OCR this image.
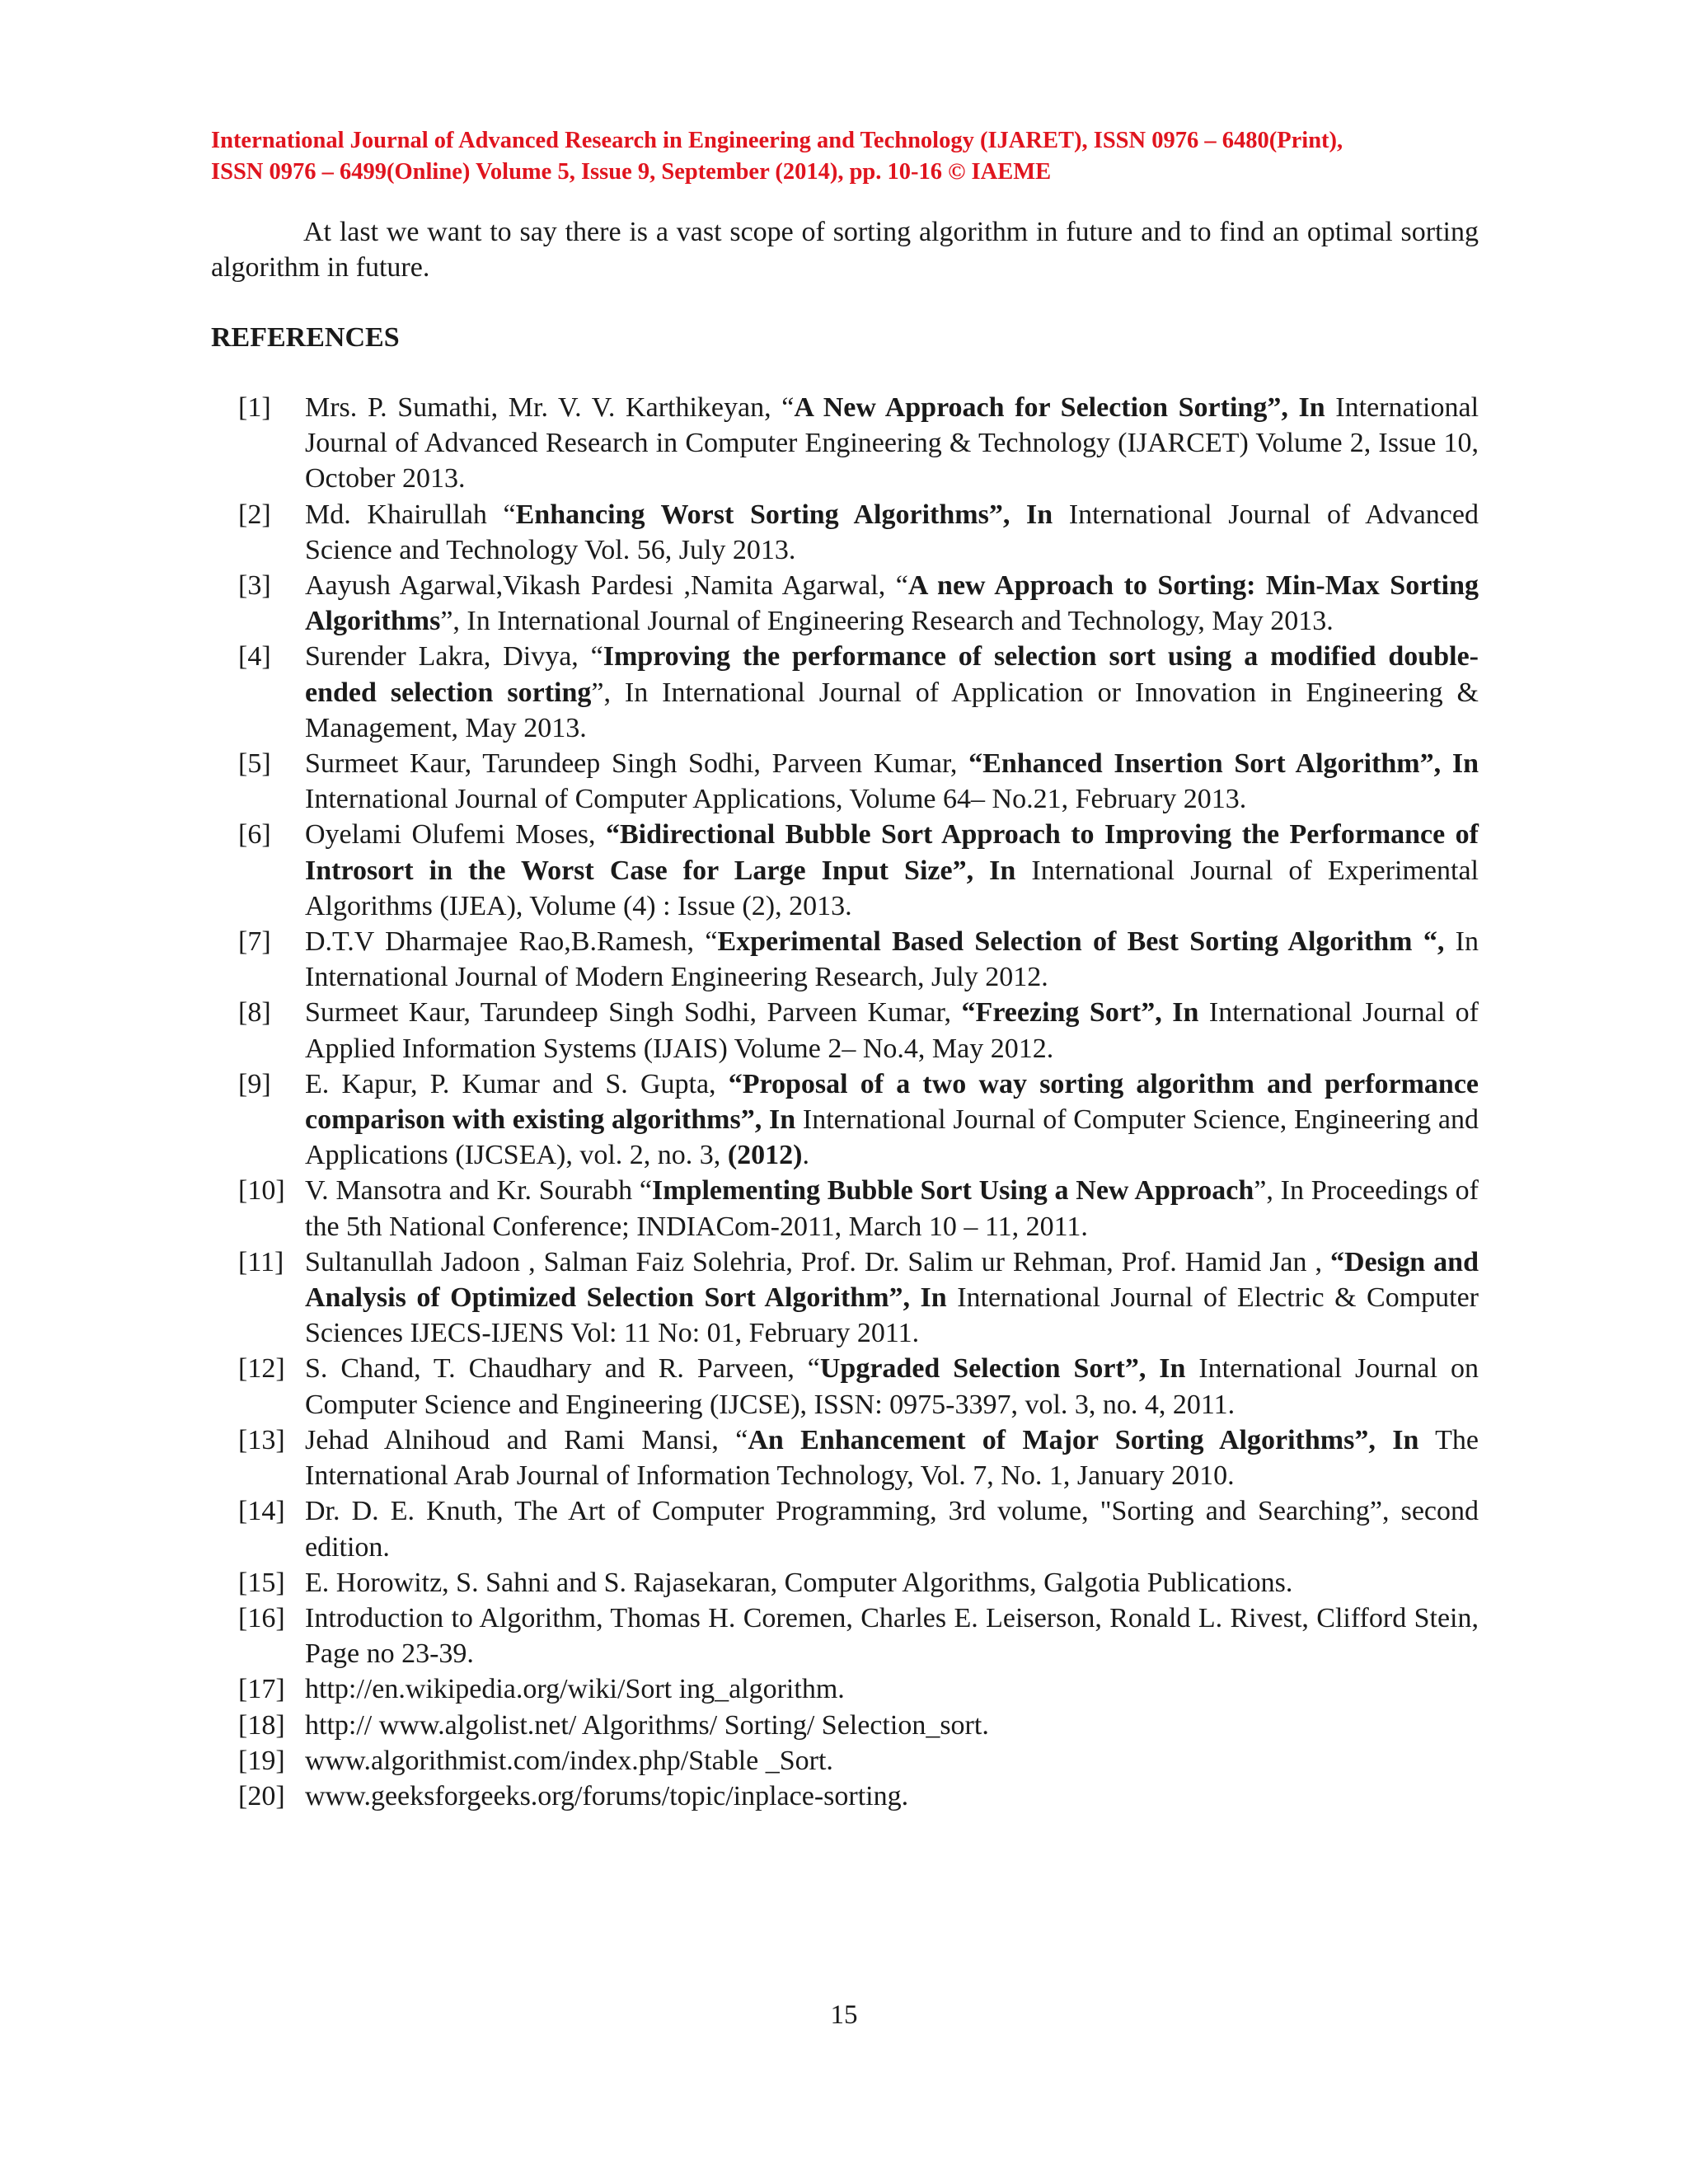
International Journal of Advanced Research in Engineering and Technology (IJARET), ISSN 0976 – 6480(Print),
ISSN 0976 – 6499(Online) Volume 5, Issue 9, September (2014), pp. 10-16 © IAEME

At last we want to say there is a vast scope of sorting algorithm in future and to find an optimal sorting algorithm in future.

REFERENCES
[1]	Mrs. P. Sumathi, Mr. V. V. Karthikeyan, “A New Approach for Selection Sorting”, In International Journal of Advanced Research in Computer Engineering & Technology (IJARCET) Volume 2, Issue 10, October 2013.
[2]	Md. Khairullah “Enhancing Worst Sorting Algorithms”, In International Journal of Advanced Science and Technology Vol. 56, July 2013.
[3]	Aayush Agarwal,Vikash Pardesi ,Namita Agarwal, “A new Approach to Sorting: Min-Max Sorting Algorithms”, In International Journal of Engineering Research and Technology, May 2013.
[4]	Surender Lakra, Divya, “Improving the performance of selection sort using a modified double-ended selection sorting”, In International Journal of Application or Innovation in Engineering & Management, May 2013.
[5]	Surmeet Kaur, Tarundeep Singh Sodhi, Parveen Kumar, “Enhanced Insertion Sort Algorithm”, In International Journal of Computer Applications, Volume 64– No.21, February 2013.
[6]	Oyelami Olufemi Moses, “Bidirectional Bubble Sort Approach to Improving the Performance of Introsort in the Worst Case for Large Input Size”, In International Journal of Experimental Algorithms (IJEA), Volume (4) : Issue (2), 2013.
[7]	D.T.V Dharmajee Rao,B.Ramesh, “Experimental Based Selection of Best Sorting Algorithm “, In International Journal of Modern Engineering Research, July 2012.
[8]	Surmeet Kaur, Tarundeep Singh Sodhi, Parveen Kumar, “Freezing Sort”, In International Journal of Applied Information Systems (IJAIS) Volume 2– No.4, May 2012.
[9]	E. Kapur, P. Kumar and S. Gupta, “Proposal of a two way sorting algorithm and performance comparison with existing algorithms”, In International Journal of Computer Science, Engineering and Applications (IJCSEA), vol. 2, no. 3, (2012).
[10] V. Mansotra and Kr. Sourabh “Implementing Bubble Sort Using a New Approach”, In Proceedings of the 5th National Conference; INDIACom-2011, March 10 – 11, 2011.
[11] Sultanullah Jadoon , Salman Faiz Solehria, Prof. Dr. Salim ur Rehman, Prof. Hamid Jan , “Design and Analysis of Optimized Selection Sort Algorithm”, In International Journal of Electric & Computer Sciences IJECS-IJENS Vol: 11 No: 01, February 2011.
[12] S. Chand, T. Chaudhary and R. Parveen, “Upgraded Selection Sort”, In International Journal on Computer Science and Engineering (IJCSE), ISSN: 0975-3397, vol. 3, no. 4, 2011.
[13] Jehad Alnihoud and Rami Mansi, “An Enhancement of Major Sorting Algorithms”, In The International Arab Journal of Information Technology, Vol. 7, No. 1, January 2010.
[14] Dr. D. E. Knuth, The Art of Computer Programming, 3rd volume, "Sorting and Searching”, second edition.
[15] E. Horowitz, S. Sahni and S. Rajasekaran, Computer Algorithms, Galgotia Publications.
[16] Introduction to Algorithm, Thomas H. Coremen, Charles E. Leiserson, Ronald L. Rivest, Clifford Stein, Page no 23-39.
[17] http://en.wikipedia.org/wiki/Sort ing_algorithm.
[18] http:// www.algolist.net/ Algorithms/ Sorting/ Selection_sort.
[19] www.algorithmist.com/index.php/Stable _Sort.
[20] www.geeksforgeeks.org/forums/topic/inplace-sorting.
15
